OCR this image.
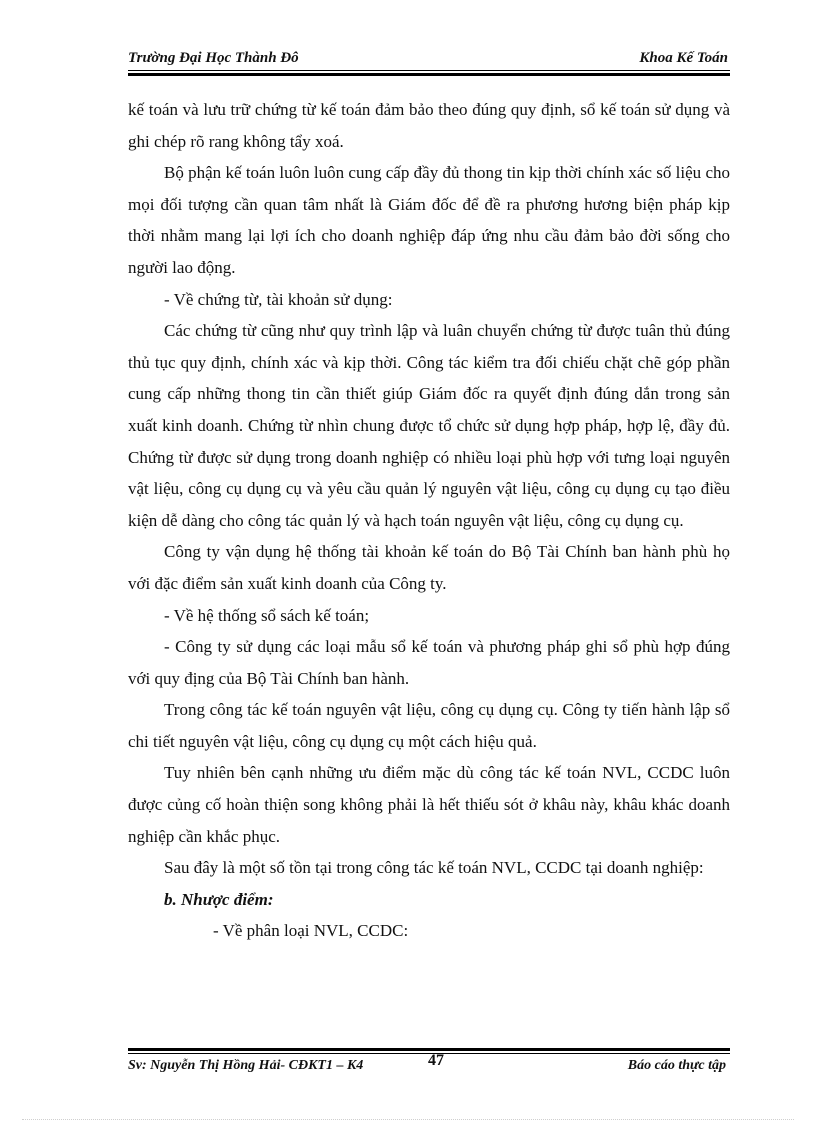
Trường Đại Học Thành Đô	Khoa Kế Toán

kế toán và lưu trữ chứng từ kế toán đảm bảo theo đúng quy định, sổ kế toán sử dụng và ghi chép rõ rang không tẩy xoá.

Bộ phận kế toán luôn luôn cung cấp đầy đủ thong tin kịp thời chính xác số liệu cho mọi đối tượng cần quan tâm nhất là Giám đốc để đề ra phương hương biện pháp kịp thời nhằm mang lại lợi ích cho doanh nghiệp đáp ứng nhu cầu đảm bảo đời sống cho người lao động.

- Về chứng từ, tài khoản sử dụng:

Các chứng từ cũng như quy trình lập và luân chuyển chứng từ được tuân thủ đúng thủ tục quy định, chính xác và kịp thời. Công tác kiểm tra đối chiếu chặt chẽ góp phần cung cấp những thong tin cần thiết giúp Giám đốc ra quyết định đúng dắn trong sản xuất kinh doanh. Chứng từ nhìn chung được tổ chức sử dụng hợp pháp, hợp lệ, đầy đủ. Chứng từ được sử dụng trong doanh nghiệp có nhiều loại phù hợp với tưng loại nguyên vật liệu, công cụ dụng cụ và yêu cầu quản lý nguyên vật liệu, công cụ dụng cụ tạo điều kiện dễ dàng cho công tác quản lý và hạch toán nguyên vật liệu, công cụ dụng cụ.

Công ty vận dụng hệ thống tài khoản kế toán do Bộ Tài Chính ban hành phù họ với đặc điểm sản xuất kinh doanh của Công ty.

- Về hệ thống sổ sách kế toán;

- Công ty sử dụng các loại mẫu sổ kế toán và phương pháp ghi sổ phù hợp đúng với quy địng của Bộ Tài Chính ban hành.

Trong công tác kế toán nguyên vật liệu, công cụ dụng cụ. Công ty tiến hành lập sổ chi tiết nguyên vật liệu, công cụ dụng cụ một cách hiệu quả.

Tuy nhiên bên cạnh những ưu điểm mặc dù công tác kế toán NVL, CCDC luôn được củng cố hoàn thiện song không phải là hết thiếu sót ở khâu này, khâu khác doanh nghiệp cần khắc phục.

Sau đây là một số tồn tại trong công tác kế toán NVL, CCDC tại doanh nghiệp:

b. Nhược điểm:

- Về phân loại NVL, CCDC:

Sv: Nguyễn Thị Hồng Hải- CĐKT1 – K4	47	Báo cáo thực tập
